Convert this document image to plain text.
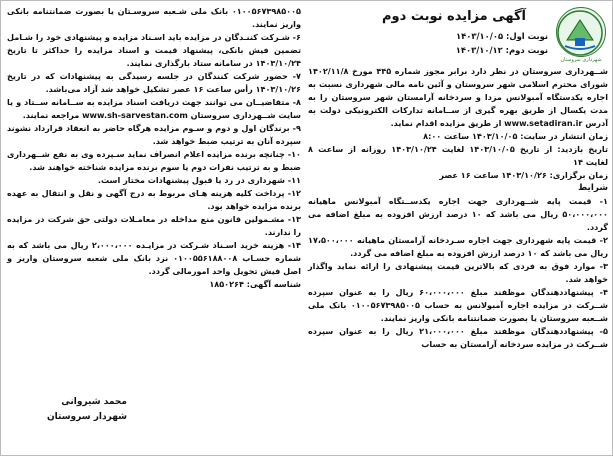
شهرداری سروستان
آگهی مزایده نوبت دوم
نوبت اول: ۱۴۰۳/۱۰/۰۵
نوبت دوم: ۱۴۰۳/۱۰/۱۲

شــهرداری سروستان در نظر دارد برابر مجوز شماره ۴۴۵ مورخ ۱۴۰۲/۱۱/۸ شورای محترم اسلامی شهر سروستان و آئین نامه مالی شهرداری نسبت به اجاره یکدستگاه آمبولانس مزدا و سردخانه آرامستان شهر سروستان را به مدت یکسال از طریق بهره گیری از ســامانه تدارکات الکترونیکی دولت به آدرس www.setadiran.ir از طریق مزایده اقدام نماید.

زمان انتشار در سایت: ۱۴۰۳/۱۰/۰۵ ساعت ۸:۰۰

تاریخ بازدید: از تاریخ ۱۴۰۳/۱۰/۰۵ لغایت ۱۴۰۳/۱۰/۲۴ روزانه از ساعت ۸ لغایت ۱۴

زمان برگزاری: ۱۴۰۳/۱۰/۲۶ ساعت ۱۶ عصر

شرایط

۱- قیمت پایه شــهرداری جهت اجاره یکدســتگاه آمبولانس ماهیانه ۵۰،۰۰۰،۰۰۰ ریال می باشد که ۱۰ درصد ارزش افزوده به مبلغ اضافه می گردد.

۲- قیمت پایه شهرداری جهت اجاره سـردخانه آرامستان ماهیانه ۱۷،۵۰۰،۰۰۰ ریال می باشد که ۱۰ درصد ارزش افزوده به مبلغ اضافه می گردد.

۳- موارد فوق به فردی که بالاترین قیمت پیشنهادی را ارائه نماید واگذار خواهد شد.

۴- پیشنهاددهندگان موظفند مبلغ ۶۰،۰۰۰،۰۰۰ ریال را به عنوان سپرده شــرکت در مزایده اجاره آمبولانس به حساب ۰۱۰۰۵۶۷۳۹۸۵۰۰۵ بانک ملی شــعبه سروستان یا بصورت ضمانتنامه بانکی واریز نمایند.

۵- پیشنهاددهندگان موظفند مبلغ ۲۱،۰۰۰،۰۰۰ ریال را به عنوان سپرده شــرکت در مزایده سردخانه آرامستان به حساب

۰۱۰۰۵۶۷۳۹۸۵۰۰۵ بانک ملی شـعبه سروسـتان یا بصورت ضمانتنامه بانکی واریز نمایند.

۶- شـرکت کننـدگان در مزایده باید اسـناد مزایده و پیشنهادی خود را شـامل تضمین فیش بانکی، پیشنهاد قیمت و اسناد مزایده را حداکثر تا تاریخ ۱۴۰۳/۱۰/۲۴ در سامانه ستاد بارگذاری نمایند.

۷- حضور شرکت کنندگان در جلسه رسیدگی به پیشنهادات که در تاریخ ۱۴۰۳/۱۰/۲۶ رأس ساعت ۱۶ عصر تشکیل خواهد شد آزاد می‌باشد.

۸- متقاضیــان می توانند جهت دریافت اسناد مزایده به ســامانه ســتاد و یا سایت شــهرداری سروستان www.sh-sarvestan.com مراجعه نمایند.

۹- برندگان اول و دوم و سـوم مزایده هرگاه حاضر به انعقاد قرارداد نشوند سپرده آنان به ترتیب ضبط خواهد شد.

۱۰- چنانچه برنده مزایده اعلام انصراف نماید سـپرده وی به نفع شــهرداری ضبط و به ترتیب نفرات دوم یا سوم برنده مزایده شناخته خواهند شد.

۱۱- شهرداری در رد یا قبول پیشنهادات مختار است.

۱۲- پرداخت کلیه هزینه هـای مربوط به درج آگهی و نقل و انتقال به عهده برنده مزایده خواهد بود.

۱۳- مشـمولین قانون منع مداخله در معامـلات دولتی حق شرکت در مزایده را ندارند.

۱۴- هزینه خرید اسـناد شـرکت در مزایـده ۲،۰۰۰،۰۰۰ ریال می باشد که به شماره حسـاب ۰۱۰۰۵۵۶۱۸۸۰۰۸ نزد بانک ملی شعبه سروستان واریز و اصل فیش تحویل واحد امورمالی گردد.

شناسه آگهی: ۱۸۵۰۲۶۴

محمد شیروانی
شهردار سروستان
